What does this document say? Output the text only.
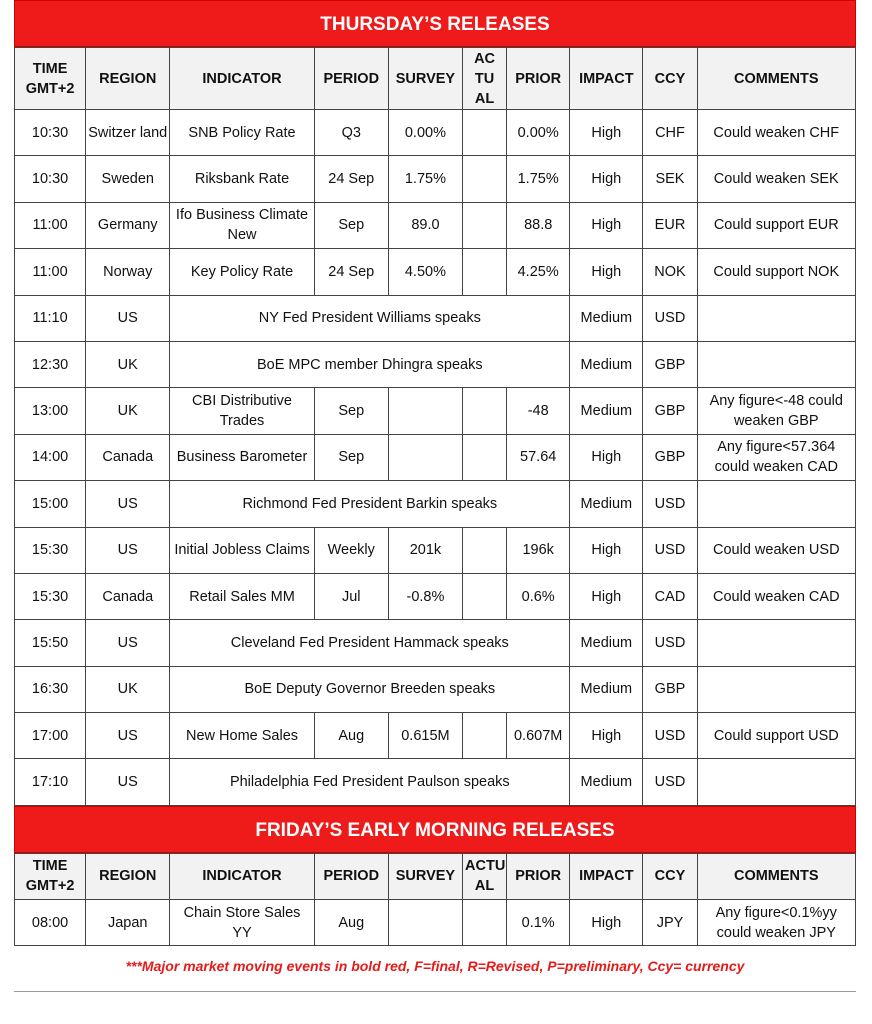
THURSDAY’S RELEASES
TIME GMT+2	REGION	INDICATOR	PERIOD	SURVEY	AC TU AL	PRIOR	IMPACT	CCY	COMMENTS
10:30	Switzer land	SNB Policy Rate	Q3	0.00%		0.00%	High	CHF	Could weaken CHF
10:30	Sweden	Riksbank Rate	24 Sep	1.75%		1.75%	High	SEK	Could weaken SEK
11:00	Germany	Ifo Business Climate New	Sep	89.0		88.8	High	EUR	Could support EUR
11:00	Norway	Key Policy Rate	24 Sep	4.50%		4.25%	High	NOK	Could support NOK
11:10	US	NY Fed President Williams speaks					Medium	USD	
12:30	UK	BoE MPC member Dhingra speaks					Medium	GBP	
13:00	UK	CBI Distributive Trades	Sep			-48	Medium	GBP	Any figure<-48 could weaken GBP
14:00	Canada	Business Barometer	Sep			57.64	High	GBP	Any figure<57.364 could weaken CAD
15:00	US	Richmond Fed President Barkin speaks					Medium	USD	
15:30	US	Initial Jobless Claims	Weekly	201k		196k	High	USD	Could weaken USD
15:30	Canada	Retail Sales MM	Jul	-0.8%		0.6%	High	CAD	Could weaken CAD
15:50	US	Cleveland Fed President Hammack speaks					Medium	USD	
16:30	UK	BoE Deputy Governor Breeden speaks					Medium	GBP	
17:00	US	New Home Sales	Aug	0.615M		0.607M	High	USD	Could support USD
17:10	US	Philadelphia Fed President Paulson speaks					Medium	USD	
FRIDAY’S EARLY MORNING RELEASES
TIME GMT+2	REGION	INDICATOR	PERIOD	SURVEY	ACTU AL	PRIOR	IMPACT	CCY	COMMENTS
08:00	Japan	Chain Store Sales YY	Aug			0.1%	High	JPY	Any figure<0.1%yy could weaken JPY
***Major market moving events in bold red, F=final, R=Revised, P=preliminary, Ccy= currency
